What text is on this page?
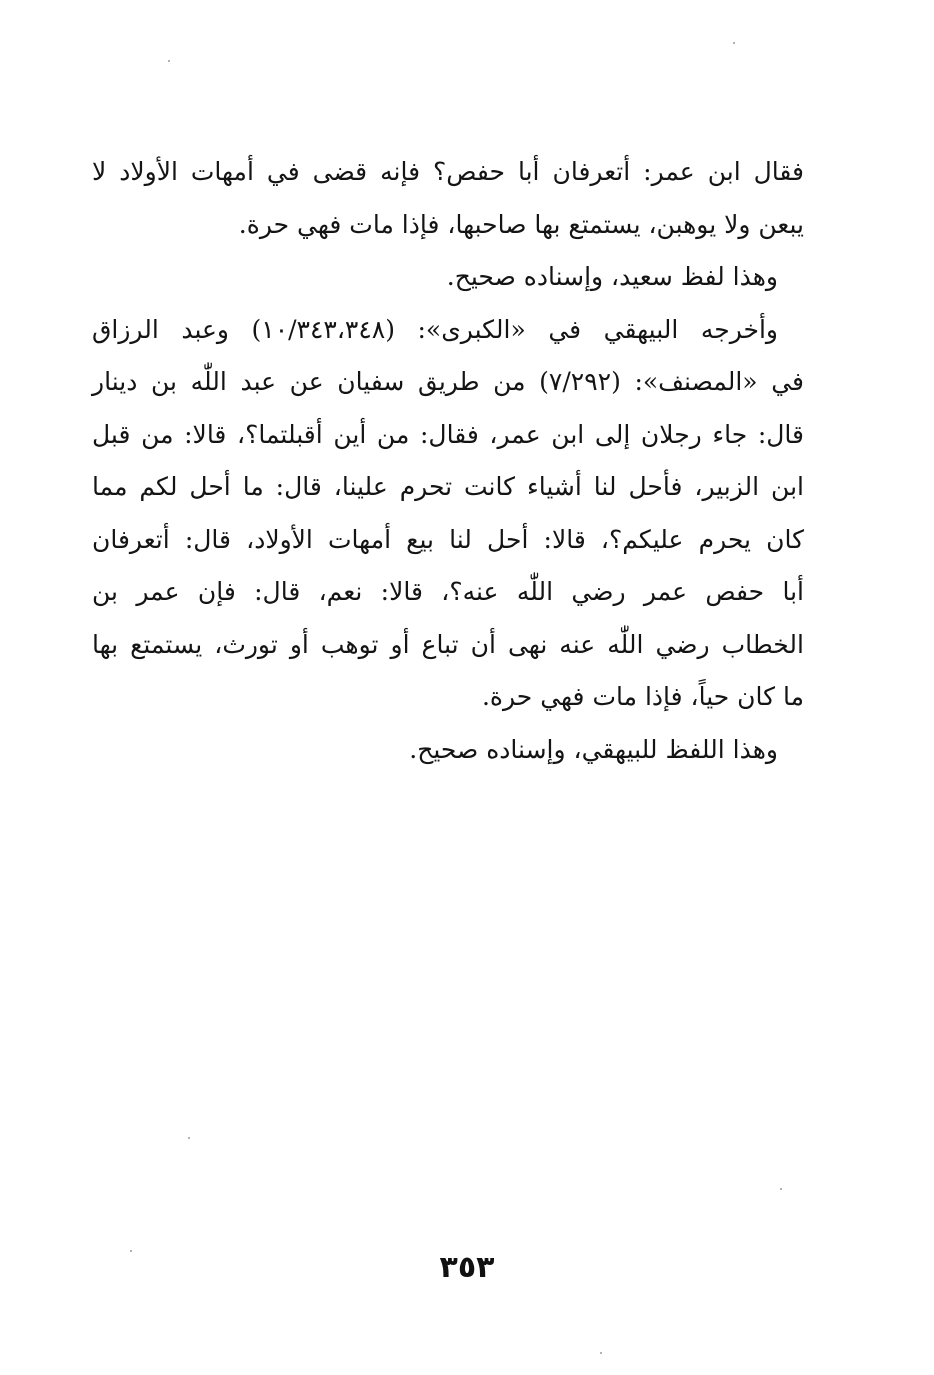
فقال ابن عمر: أتعرفان أبا حفص؟ فإنه قضى في أمهات الأولاد لا
يبعن ولا يوهبن، يستمتع بها صاحبها، فإذا مات فهي حرة.
وهذا لفظ سعيد، وإسناده صحيح.
وأخرجه البيهقي في «الكبرى»: (١٠/٣٤٣،٣٤٨) وعبد الرزاق
في «المصنف»: (٧/٢٩٢) من طريق سفيان عن عبد اللّٰه بن دينار
قال: جاء رجلان إلى ابن عمر، فقال: من أين أقبلتما؟، قالا: من قبل
ابن الزبير، فأحل لنا أشياء كانت تحرم علينا، قال: ما أحل لكم مما
كان يحرم عليكم؟، قالا: أحل لنا بيع أمهات الأولاد، قال: أتعرفان
أبا حفص عمر رضي اللّٰه عنه؟، قالا: نعم، قال: فإن عمر بن
الخطاب رضي اللّٰه عنه نهى أن تباع أو توهب أو تورث، يستمتع بها
ما كان حياً، فإذا مات فهي حرة.
وهذا اللفظ للبيهقي، وإسناده صحيح.
٣٥٣
